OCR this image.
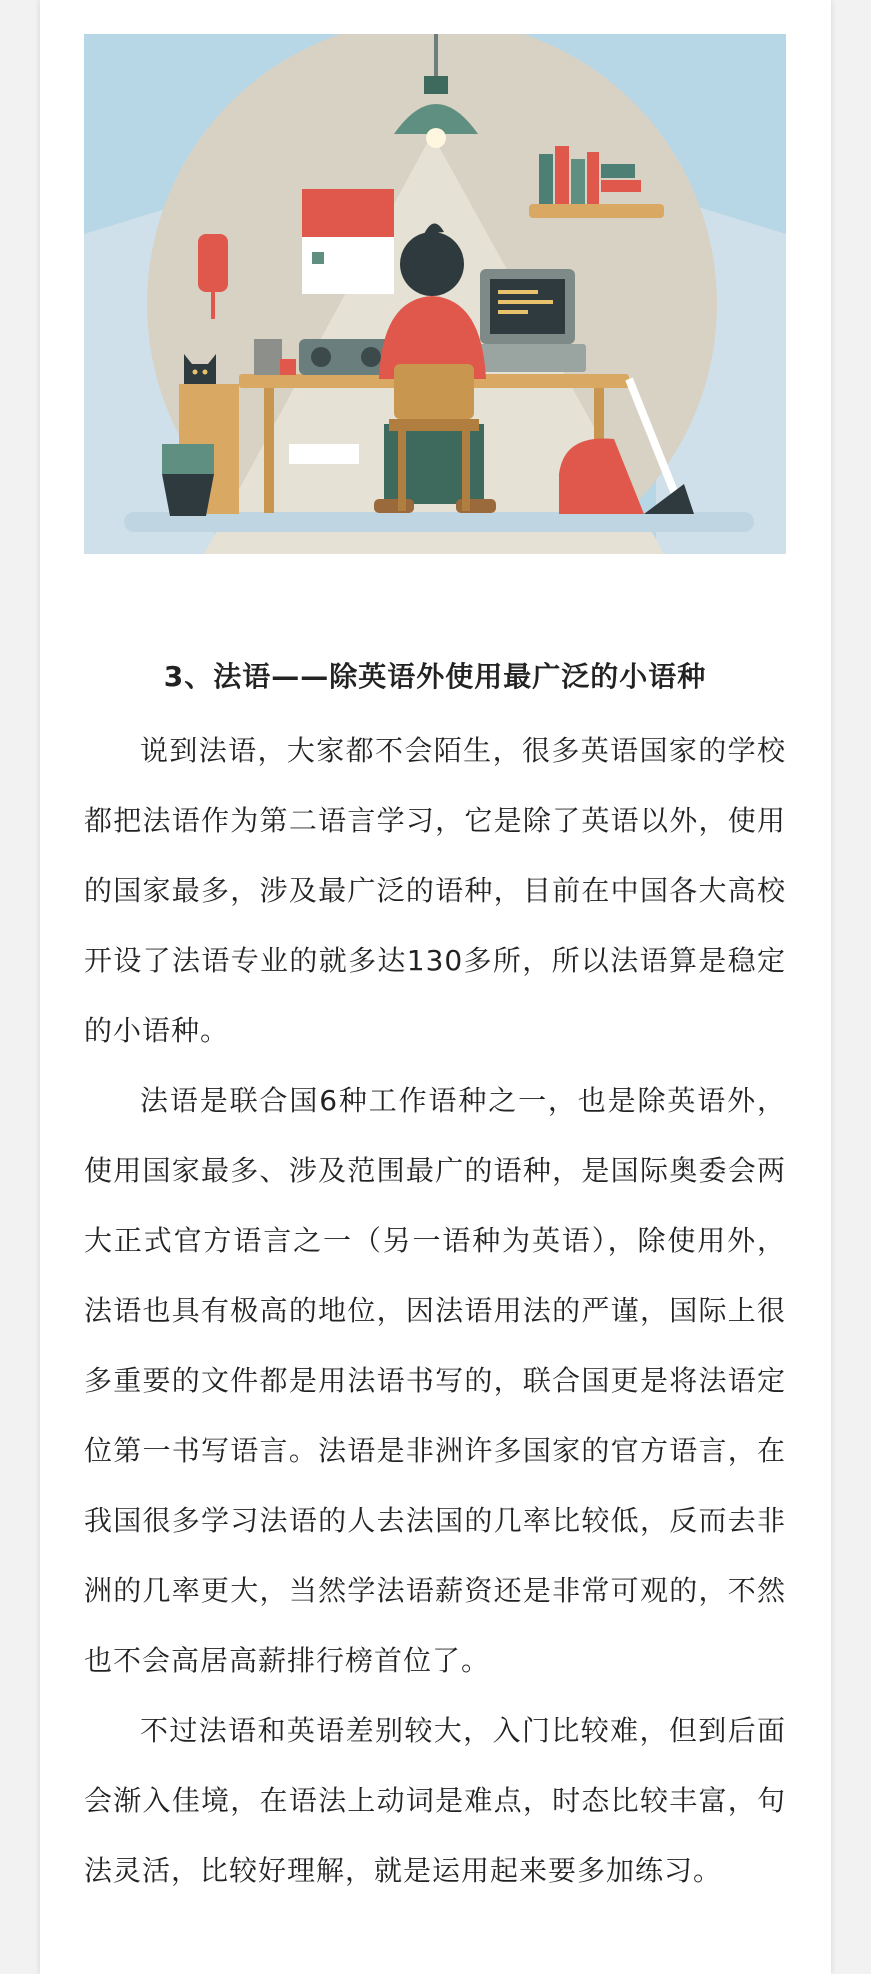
3、法语——除英语外使用最广泛的小语种

说到法语，大家都不会陌生，很多英语国家的学校都把法语作为第二语言学习，它是除了英语以外，使用的国家最多，涉及最广泛的语种，目前在中国各大高校开设了法语专业的就多达130多所，所以法语算是稳定的小语种。

法语是联合国6种工作语种之一，也是除英语外，使用国家最多、涉及范围最广的语种，是国际奥委会两大正式官方语言之一（另一语种为英语），除使用外，法语也具有极高的地位，因法语用法的严谨，国际上很多重要的文件都是用法语书写的，联合国更是将法语定位第一书写语言。法语是非洲许多国家的官方语言，在我国很多学习法语的人去法国的几率比较低，反而去非洲的几率更大，当然学法语薪资还是非常可观的，不然也不会高居高薪排行榜首位了。

不过法语和英语差别较大，入门比较难，但到后面会渐入佳境，在语法上动词是难点，时态比较丰富，句法灵活，比较好理解，就是运用起来要多加练习。
